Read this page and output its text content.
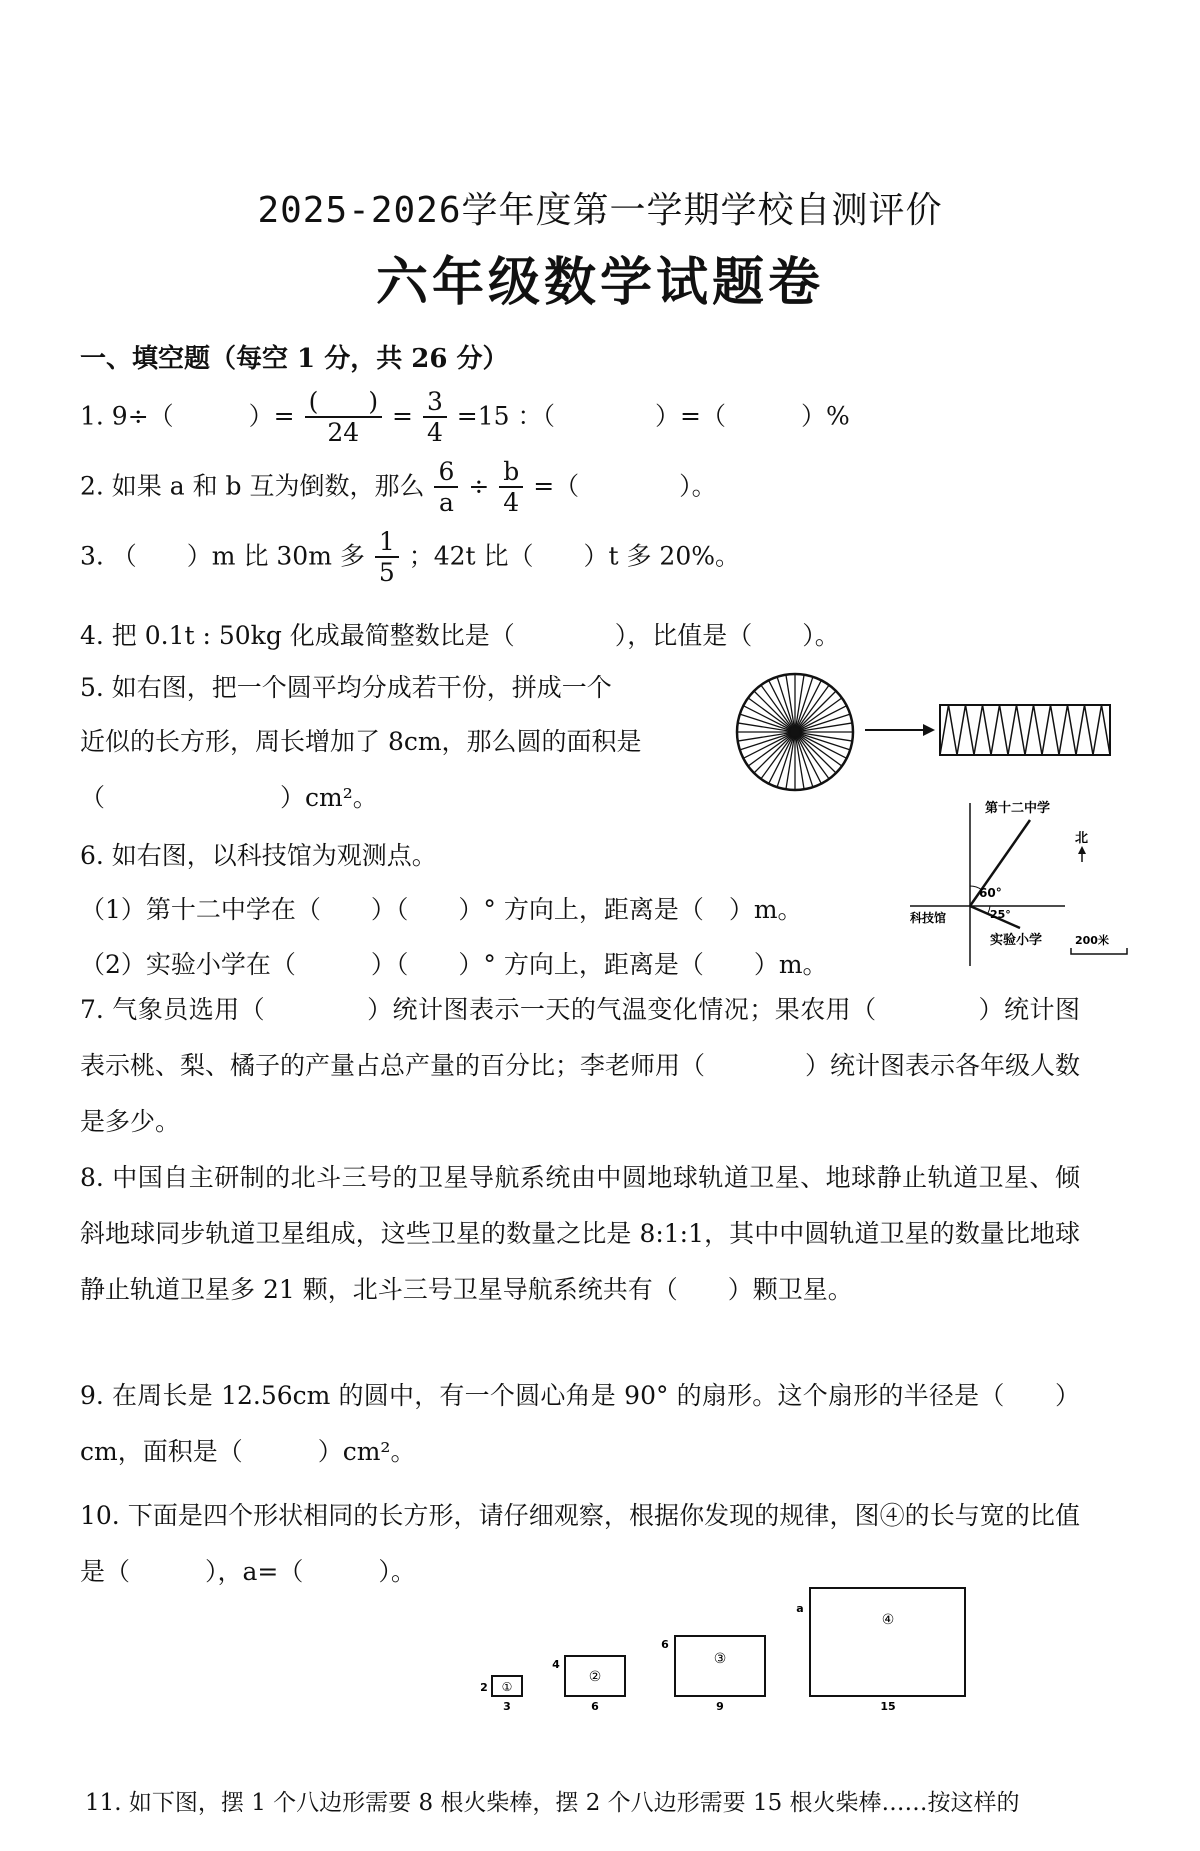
2025-2026学年度第一学期学校自测评价
六年级数学试题卷
一、填空题（每空 1 分，共 26 分）
1. 9÷（　　　）= $\frac{( )}{24} = \frac{3}{4} =15$ ：（　　　　）=（　　　）%
2. 如果 a 和 b 互为倒数，那么 $\frac{6}{a} \div \frac{b}{4}$ =（　　　　）。
3. （　　）m 比 30m 多 $\frac{1}{5}$ ；42t 比（　　）t 多 20%。
4. 把 0.1t : 50kg 化成最简整数比是（　　　　），比值是（　　）。
5. 如右图，把一个圆平均分成若干份，拼成一个
近似的长方形，周长增加了 8cm，那么圆的面积是
（　　　　　　　）cm²。
6. 如右图，以科技馆为观测点。
（1）第十二中学在（　　）（　　）° 方向上，距离是（　）m。
（2）实验小学在（　　　）（　　）° 方向上，距离是（　　）m。
第十二中学
60°
25°
北
科技馆
实验小学	200米
7. 气象员选用（　　　　）统计图表示一天的气温变化情况；果农用（　　　　）统计图表示桃、梨、橘子的产量占总产量的百分比；李老师用（　　　　）统计图表示各年级人数是多少。
8. 中国自主研制的北斗三号的卫星导航系统由中圆地球轨道卫星、地球静止轨道卫星、倾斜地球同步轨道卫星组成，这些卫星的数量之比是 8:1:1，其中中圆轨道卫星的数量比地球静止轨道卫星多 21 颗，北斗三号卫星导航系统共有（　　）颗卫星。
9. 在周长是 12.56cm 的圆中，有一个圆心角是 90° 的扇形。这个扇形的半径是（　　）cm，面积是（　　　）cm²。
10. 下面是四个形状相同的长方形，请仔细观察，根据你发现的规律，图④的长与宽的比值是（　　　），a=（　　　）。
①
2
3
②
4
6
③
6
9
④
a
15
11. 如下图，摆 1 个八边形需要 8 根火柴棒，摆 2 个八边形需要 15 根火柴棒……按这样的
